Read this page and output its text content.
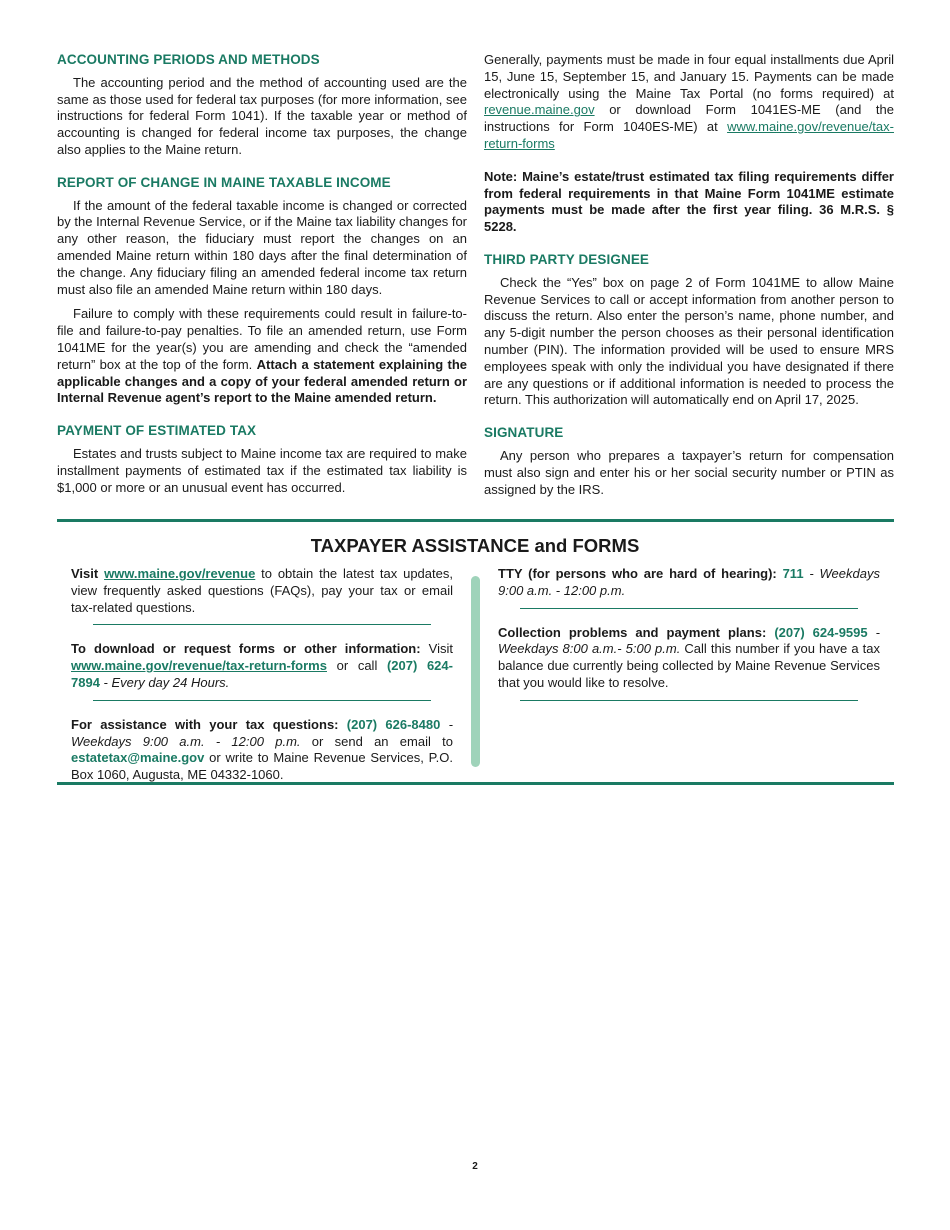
ACCOUNTING PERIODS AND METHODS

The accounting period and the method of accounting used are the same as those used for federal tax purposes (for more information, see instructions for federal Form 1041). If the taxable year or method of accounting is changed for federal income tax purposes, the change also applies to the Maine return.

REPORT OF CHANGE IN MAINE TAXABLE INCOME

If the amount of the federal taxable income is changed or corrected by the Internal Revenue Service, or if the Maine tax liability changes for any other reason, the fiduciary must report the changes on an amended Maine return within 180 days after the final determination of the change. Any fiduciary filing an amended federal income tax return must also file an amended Maine return within 180 days.

Failure to comply with these requirements could result in failure-to-file and failure-to-pay penalties. To file an amended return, use Form 1041ME for the year(s) you are amending and check the “amended return” box at the top of the form. Attach a statement explaining the applicable changes and a copy of your federal amended return or Internal Revenue agent’s report to the Maine amended return.

PAYMENT OF ESTIMATED TAX

Estates and trusts subject to Maine income tax are required to make installment payments of estimated tax if the estimated tax liability is $1,000 or more or an unusual event has occurred.

Generally, payments must be made in four equal installments due April 15, June 15, September 15, and January 15. Payments can be made electronically using the Maine Tax Portal (no forms required) at revenue.maine.gov or download Form 1041ES-ME (and the instructions for Form 1040ES-ME) at www.maine.gov/revenue/tax-return-forms

Note: Maine’s estate/trust estimated tax filing requirements differ from federal requirements in that Maine Form 1041ME estimate payments must be made after the first year filing. 36 M.R.S. § 5228.

THIRD PARTY DESIGNEE

Check the “Yes” box on page 2 of Form 1041ME to allow Maine Revenue Services to call or accept information from another person to discuss the return. Also enter the person’s name, phone number, and any 5-digit number the person chooses as their personal identification number (PIN). The information provided will be used to ensure MRS employees speak with only the individual you have designated if there are any questions or if additional information is needed to process the return. This authorization will automatically end on April 17, 2025.

SIGNATURE

Any person who prepares a taxpayer’s return for compensation must also sign and enter his or her social security number or PTIN as assigned by the IRS.

TAXPAYER ASSISTANCE and FORMS

Visit www.maine.gov/revenue to obtain the latest tax updates, view frequently asked questions (FAQs), pay your tax or email tax-related questions.

To download or request forms or other information: Visit www.maine.gov/revenue/tax-return-forms or call (207) 624-7894 - Every day 24 Hours.

For assistance with your tax questions: (207) 626-8480 - Weekdays 9:00 a.m. - 12:00 p.m. or send an email to estatetax@maine.gov or write to Maine Revenue Services, P.O. Box 1060, Augusta, ME 04332-1060.

TTY (for persons who are hard of hearing): 711 - Weekdays 9:00 a.m. - 12:00 p.m.

Collection problems and payment plans: (207) 624-9595 - Weekdays 8:00 a.m.- 5:00 p.m. Call this number if you have a tax balance due currently being collected by Maine Revenue Services that you would like to resolve.

2
